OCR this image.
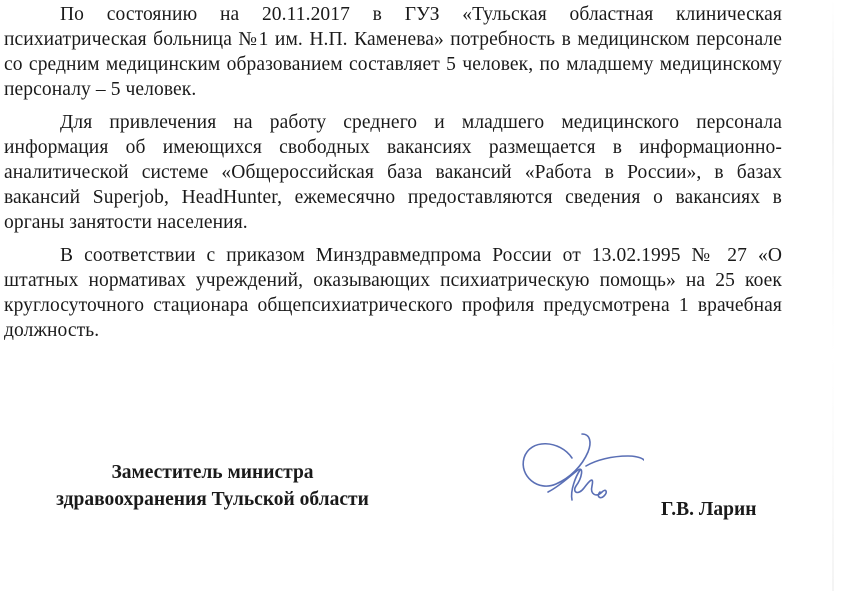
По состоянию на 20.11.2017 в ГУЗ «Тульская областная клиническая психиатрическая больница №1 им. Н.П. Каменева» потребность в медицинском персонале со средним медицинским образованием составляет 5 человек, по младшему медицинскому персоналу – 5 человек.

Для привлечения на работу среднего и младшего медицинского персонала информация об имеющихся свободных вакансиях размещается в информационно-аналитической системе «Общероссийская база вакансий «Работа в России», в базах вакансий Superjob, HeadHunter, ежемесячно предоставляются сведения о вакансиях в органы занятости населения.

В соответствии с приказом Минздравмедпрома России от 13.02.1995 № 27 «О штатных нормативах учреждений, оказывающих психиатрическую помощь» на 25 коек круглосуточного стационара общепсихиатрического профиля предусмотрена 1 врачебная должность.

Заместитель министра
здравоохранения Тульской области	Г.В. Ларин
